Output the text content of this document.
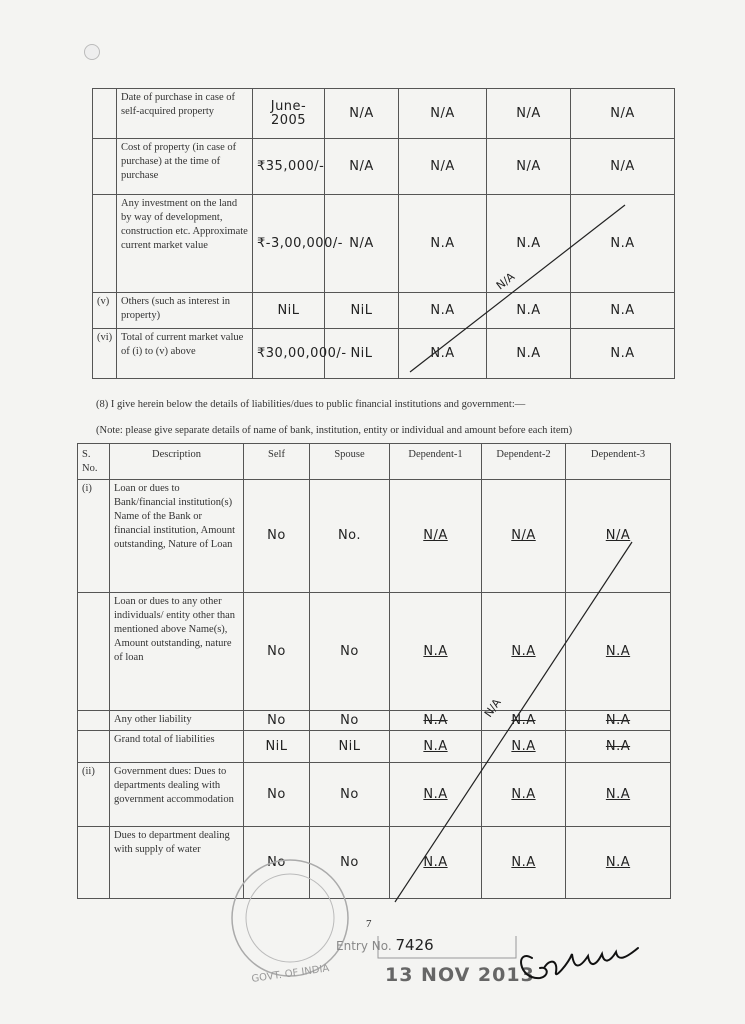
	Date of purchase in case of self-acquired property	June-2005	N/A	N/A	N/A	N/A
	Cost of property (in case of purchase) at the time of purchase	₹35,000/-	N/A	N/A	N/A	N/A
	Any investment on the land by way of development, construction etc. Approximate current market value	₹-3,00,000/-	N/A	N.A	N.A	N.A
(v)	Others (such as interest in property)	NiL	NiL	N.A	N.A	N.A
(vi)	Total of current market value of (i) to (v) above	₹30,00,000/-	NiL	N.A	N.A	N.A
(8) I give herein below the details of liabilities/dues to public financial institutions and government:—
(Note: please give separate details of name of bank, institution, entity or individual and amount before each item)
S. No.	Description	Self	Spouse	Dependent-1	Dependent-2	Dependent-3
(i)	Loan or dues to Bank/financial institution(s) Name of the Bank or financial institution, Amount outstanding, Nature of Loan	No	No.	N/A	N/A	N/A
	Loan or dues to any other individuals/ entity other than mentioned above Name(s), Amount outstanding, nature of loan	No	No	N.A	N.A	N.A
	Any other liability	No	No	N.A	N.A	N.A
	Grand total of liabilities	NiL	NiL	N.A	N.A	N.A
(ii)	Government dues: Dues to departments dealing with government accommodation	No	No	N.A	N.A	N.A
	Dues to department dealing with supply of water	No	No	N.A	N.A	N.A
N/A
N/A
GOVT. OF INDIA
7
Entry No. 7426
13 NOV 2013
